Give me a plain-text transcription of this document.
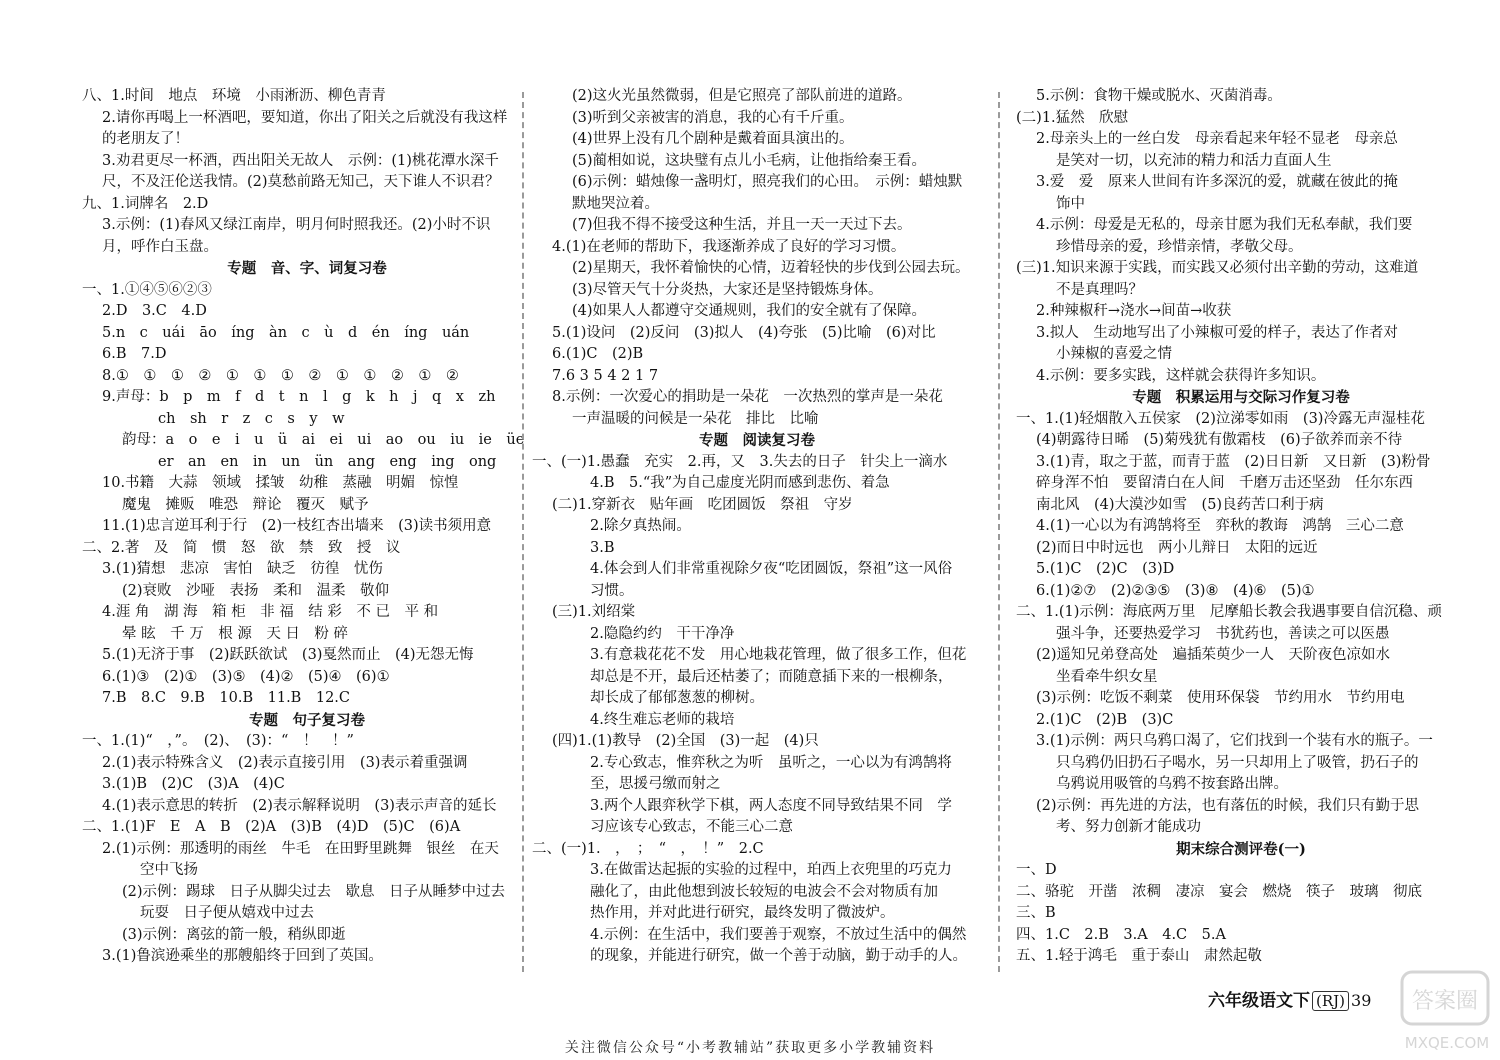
八、1.时间　地点　环境　小雨淅沥、柳色青青
2.请你再喝上一杯酒吧，要知道，你出了阳关之后就没有我这样
的老朋友了！
3.劝君更尽一杯酒，西出阳关无故人　示例：(1)桃花潭水深千
尺，不及汪伦送我情。(2)莫愁前路无知己，天下谁人不识君？
九、1.词牌名　2.D
3.示例：(1)春风又绿江南岸，明月何时照我还。(2)小时不识
月，呼作白玉盘。
专题　音、字、词复习卷
一、1.①④⑤⑥②③
2.D　3.C　4.D
5.n　c　uái　āo　íng　àn　c　ù　d　én　íng　uán
6.B　7.D
8.①　①　①　②　①　①　①　②　①　①　②　①　②
9.声母：b　p　m　f　d　t　n　l　g　k　h　j　q　x　zh
ch　sh　r　z　c　s　y　w
韵母：a　o　e　i　u　ü　ai　ei　ui　ao　ou　iu　ie　üe
er　an　en　in　un　ün　ang　eng　ing　ong
10.书籍　大蒜　领域　揉皱　幼稚　蒸融　明媚　惊惶
魔鬼　摊贩　唯恐　辩论　覆灭　赋予
11.(1)忠言逆耳利于行　(2)一枝红杏出墙来　(3)读书须用意
二、2.著　及　简　惯　怒　欲　禁　致　授　议
3.(1)猜想　悲凉　害怕　缺乏　彷徨　忧伤
(2)衰败　沙哑　表扬　柔和　温柔　敬仰
4.涯 角　湖 海　箱 柜　非 福　结 彩　不 已　平 和
晕 眩　千 万　根 源　天 日　粉 碎
5.(1)无济于事　(2)跃跃欲试　(3)戛然而止　(4)无怨无悔
6.(1)③　(2)①　(3)⑤　(4)②　(5)④　(6)①
7.B　8.C　9.B　10.B　11.B　12.C
专题　句子复习卷
一、1.(1)“　，”。　(2)、　(3)：“　！　！”
2.(1)表示特殊含义　(2)表示直接引用　(3)表示着重强调
3.(1)B　(2)C　(3)A　(4)C
4.(1)表示意思的转折　(2)表示解释说明　(3)表示声音的延长
二、1.(1)F　E　A　B　(2)A　(3)B　(4)D　(5)C　(6)A
2.(1)示例：那透明的雨丝　牛毛　在田野里跳舞　银丝　在天
空中飞扬
(2)示例：踢球　日子从脚尖过去　歇息　日子从睡梦中过去
玩耍　日子便从嬉戏中过去
(3)示例：离弦的箭一般，稍纵即逝
3.(1)鲁滨逊乘坐的那艘船终于回到了英国。
(2)这火光虽然微弱，但是它照亮了部队前进的道路。
(3)听到父亲被害的消息，我的心有千斤重。
(4)世界上没有几个剧种是戴着面具演出的。
(5)蔺相如说，这块璧有点儿小毛病，让他指给秦王看。
(6)示例：蜡烛像一盏明灯，照亮我们的心田。　示例：蜡烛默
默地哭泣着。
(7)但我不得不接受这种生活，并且一天一天过下去。
4.(1)在老师的帮助下，我逐渐养成了良好的学习习惯。
(2)星期天，我怀着愉快的心情，迈着轻快的步伐到公园去玩。
(3)尽管天气十分炎热，大家还是坚持锻炼身体。
(4)如果人人都遵守交通规则，我们的安全就有了保障。
5.(1)设问　(2)反问　(3)拟人　(4)夸张　(5)比喻　(6)对比
6.(1)C　(2)B
7.6 3 5 4 2 1 7
8.示例：一次爱心的捐助是一朵花　一次热烈的掌声是一朵花
一声温暖的问候是一朵花　排比　比喻
专题　阅读复习卷
一、(一)1.愚蠢　充实　2.再，又　3.失去的日子　针尖上一滴水
4.B　5.“我”为自己虚度光阴而感到悲伤、着急
(二)1.穿新衣　贴年画　吃团圆饭　祭祖　守岁
2.除夕真热闹。
3.B
4.体会到人们非常重视除夕夜“吃团圆饭，祭祖”这一风俗
习惯。
(三)1.刘绍棠
2.隐隐约约　干干净净
3.有意栽花花不发　用心地栽花管理，做了很多工作，但花
却总是不开，最后还枯萎了；而随意插下来的一根柳条，
却长成了郁郁葱葱的柳树。
4.终生难忘老师的栽培
(四)1.(1)教导　(2)全国　(3)一起　(4)只
2.专心致志，惟弈秋之为听　虽听之，一心以为有鸿鹄将
至，思援弓缴而射之
3.两个人跟弈秋学下棋，两人态度不同导致结果不同　学
习应该专心致志，不能三心二意
二、(一)1.　，　；　“　，　！”　2.C
3.在做雷达起振的实验的过程中，珀西上衣兜里的巧克力
融化了，由此他想到波长较短的电波会不会对物质有加
热作用，并对此进行研究，最终发明了微波炉。
4.示例：在生活中，我们要善于观察，不放过生活中的偶然
的现象，并能进行研究，做一个善于动脑，勤于动手的人。
5.示例：食物干燥或脱水、灭菌消毒。
(二)1.猛然　欣慰
2.母亲头上的一丝白发　母亲看起来年轻不显老　母亲总
是笑对一切，以充沛的精力和活力直面人生
3.爱　爱　原来人世间有许多深沉的爱，就藏在彼此的掩
饰中
4.示例：母爱是无私的，母亲甘愿为我们无私奉献，我们要
珍惜母亲的爱，珍惜亲情，孝敬父母。
(三)1.知识来源于实践，而实践又必须付出辛勤的劳动，这难道
不是真理吗？
2.种辣椒秆→浇水→间苗→收获
3.拟人　生动地写出了小辣椒可爱的样子，表达了作者对
小辣椒的喜爱之情
4.示例：要多实践，这样就会获得许多知识。
专题　积累运用与交际习作复习卷
一、1.(1)轻烟散入五侯家　(2)泣涕零如雨　(3)冷露无声湿桂花
(4)朝露待日晞　(5)菊残犹有傲霜枝　(6)子欲养而亲不待
3.(1)青，取之于蓝，而青于蓝　(2)日日新　又日新　(3)粉骨
碎身浑不怕　要留清白在人间　千磨万击还坚劲　任尔东西
南北风　(4)大漠沙如雪　(5)良药苦口利于病
4.(1)一心以为有鸿鹄将至　弈秋的教诲　鸿鹄　三心二意
(2)而日中时远也　两小儿辩日　太阳的远近
5.(1)C　(2)C　(3)D
6.(1)②⑦　(2)②③⑤　(3)⑧　(4)⑥　(5)①
二、1.(1)示例：海底两万里　尼摩船长教会我遇事要自信沉稳、顽
强斗争，还要热爱学习　书犹药也，善读之可以医愚
(2)遥知兄弟登高处　遍插茱萸少一人　天阶夜色凉如水
坐看牵牛织女星
(3)示例：吃饭不剩菜　使用环保袋　节约用水　节约用电
2.(1)C　(2)B　(3)C
3.(1)示例：两只乌鸦口渴了，它们找到一个装有水的瓶子。一
只乌鸦仍旧扔石子喝水，另一只却用上了吸管，扔石子的
乌鸦说用吸管的乌鸦不按套路出牌。
(2)示例：再先进的方法，也有落伍的时候，我们只有勤于思
考、努力创新才能成功
期末综合测评卷(一)
一、D
二、骆驼　开凿　浓稠　凄凉　宴会　燃烧　筷子　玻璃　彻底
三、B
四、1.C　2.B　3.A　4.C　5.A
五、1.轻于鸿毛　重于泰山　肃然起敬
六年级语文下 (RJ) 39
关注微信公众号“小考教辅站”获取更多小学教辅资料
答案圈
MXQE.COM
